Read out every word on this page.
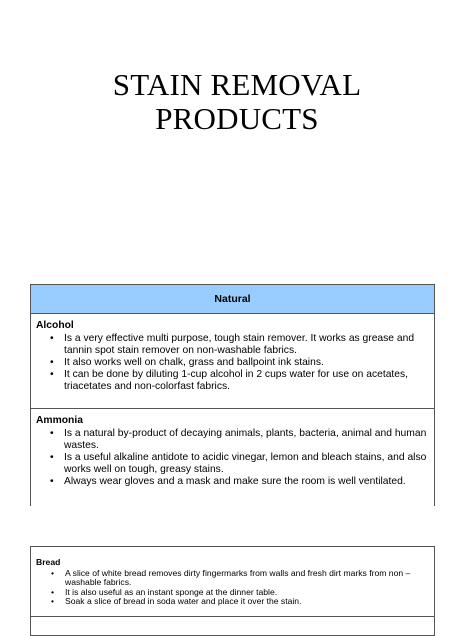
STAIN REMOVAL
PRODUCTS
Natural
Alcohol
• Is a very effective multi purpose, tough stain remover. It works as grease and tannin spot stain remover on non-washable fabrics.
• It also works well on chalk, grass and ballpoint ink stains.
• It can be done by diluting 1-cup alcohol in 2 cups water for use on acetates, triacetates and non-colorfast fabrics.
Ammonia
• Is a natural by-product of decaying animals, plants, bacteria, animal and human wastes.
• Is a useful alkaline antidote to acidic vinegar, lemon and bleach stains, and also works well on tough, greasy stains.
• Always wear gloves and a mask and make sure the room is well ventilated.
Bread
• A slice of white bread removes dirty fingermarks from walls and fresh dirt marks from non – washable fabrics.
• It is also useful as an instant sponge at the dinner table.
• Soak a slice of bread in soda water and place it over the stain.
